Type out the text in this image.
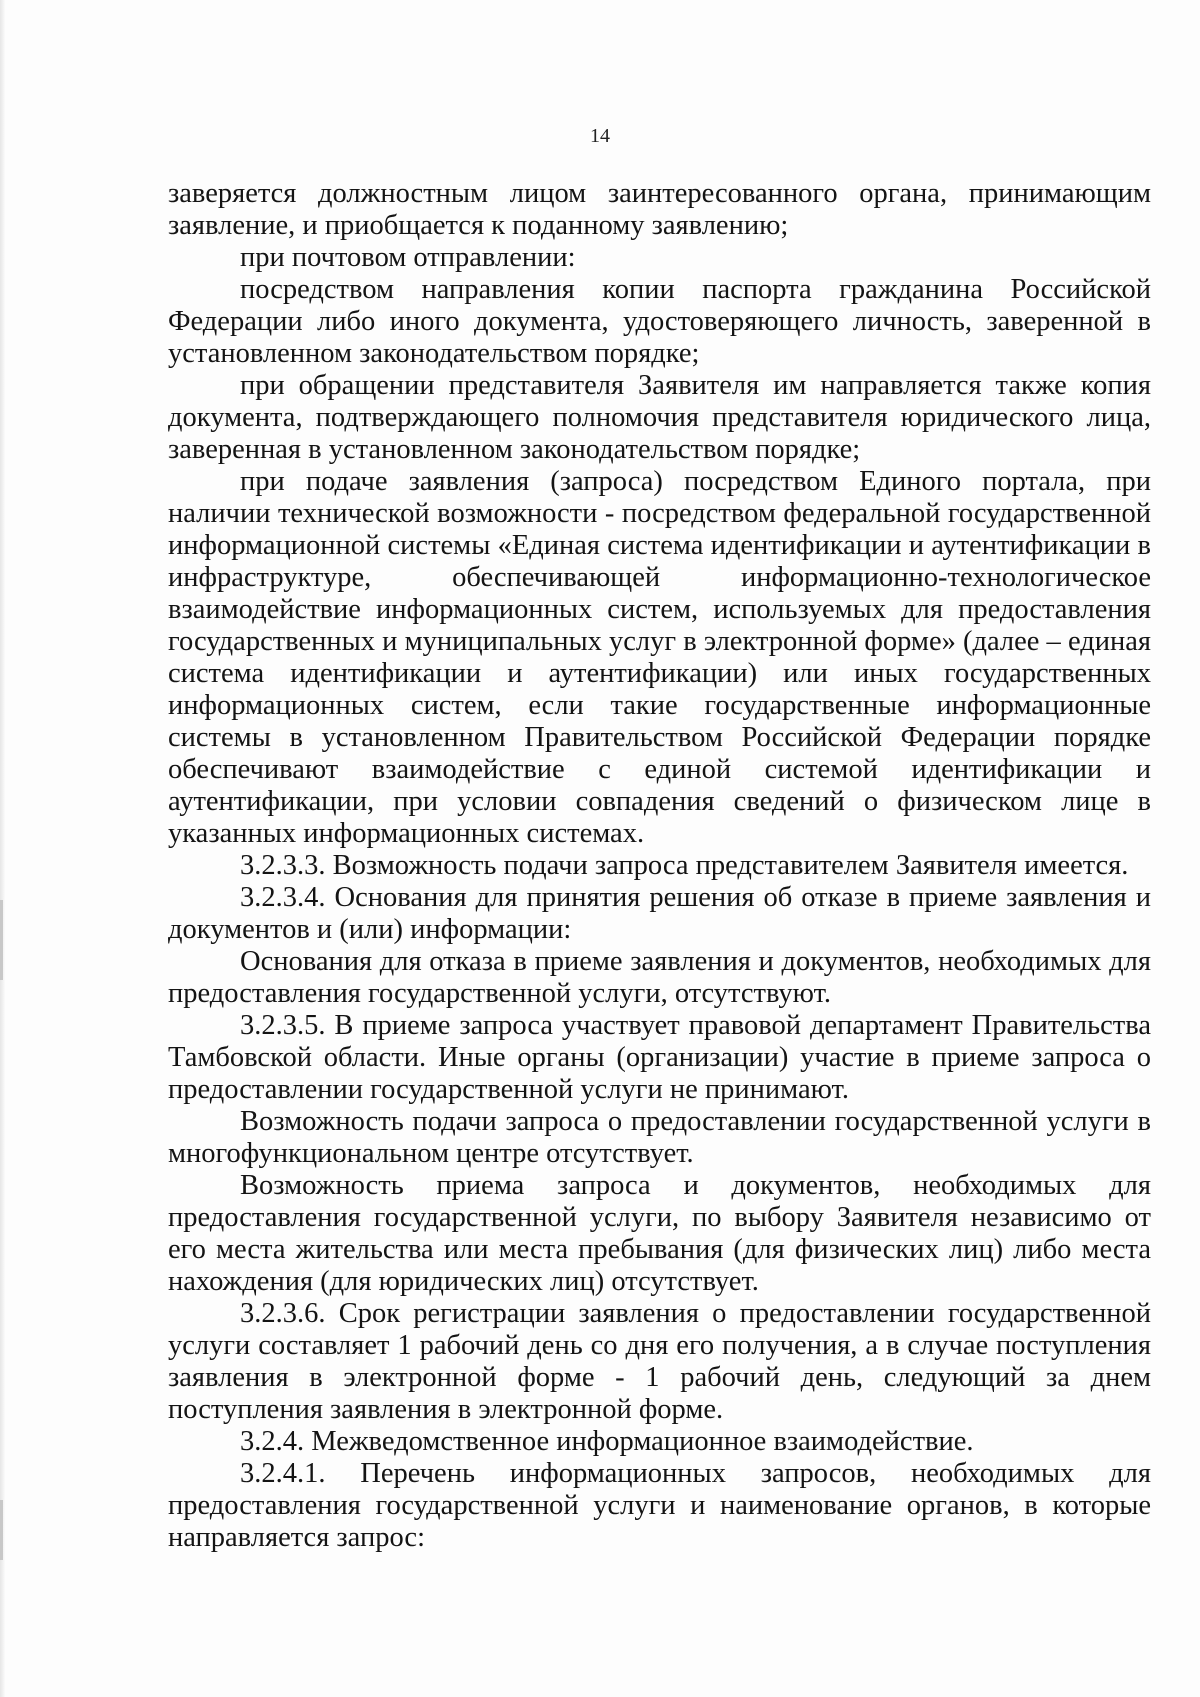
14

заверяется должностным лицом заинтересованного органа, принимающим заявление, и приобщается к поданному заявлению;

при почтовом отправлении:

посредством направления копии паспорта гражданина Российской Федерации либо иного документа, удостоверяющего личность, заверенной в установленном законодательством порядке;

при обращении представителя Заявителя им направляется также копия документа, подтверждающего полномочия представителя юридического лица, заверенная в установленном законодательством порядке;

при подаче заявления (запроса) посредством Единого портала, при наличии технической возможности - посредством федеральной государственной информационной системы «Единая система идентификации и аутентификации в инфраструктуре, обеспечивающей информационно-технологическое взаимодействие информационных систем, используемых для предоставления государственных и муниципальных услуг в электронной форме» (далее – единая система идентификации и аутентификации) или иных государственных информационных систем, если такие государственные информационные системы в установленном Правительством Российской Федерации порядке обеспечивают взаимодействие с единой системой идентификации и аутентификации, при условии совпадения сведений о физическом лице в указанных информационных системах.

3.2.3.3. Возможность подачи запроса представителем Заявителя имеется.

3.2.3.4. Основания для принятия решения об отказе в приеме заявления и документов и (или) информации:

Основания для отказа в приеме заявления и документов, необходимых для предоставления государственной услуги, отсутствуют.

3.2.3.5. В приеме запроса участвует правовой департамент Правительства Тамбовской области. Иные органы (организации) участие в приеме запроса о предоставлении государственной услуги не принимают.

Возможность подачи запроса о предоставлении государственной услуги в многофункциональном центре отсутствует.

Возможность приема запроса и документов, необходимых для предоставления государственной услуги, по выбору Заявителя независимо от его места жительства или места пребывания (для физических лиц) либо места нахождения (для юридических лиц) отсутствует.

3.2.3.6. Срок регистрации заявления о предоставлении государственной услуги составляет 1 рабочий день со дня его получения, а в случае поступления заявления в электронной форме - 1 рабочий день, следующий за днем поступления заявления в электронной форме.

3.2.4. Межведомственное информационное взаимодействие.

3.2.4.1. Перечень информационных запросов, необходимых для предоставления государственной услуги и наименование органов, в которые направляется запрос:
